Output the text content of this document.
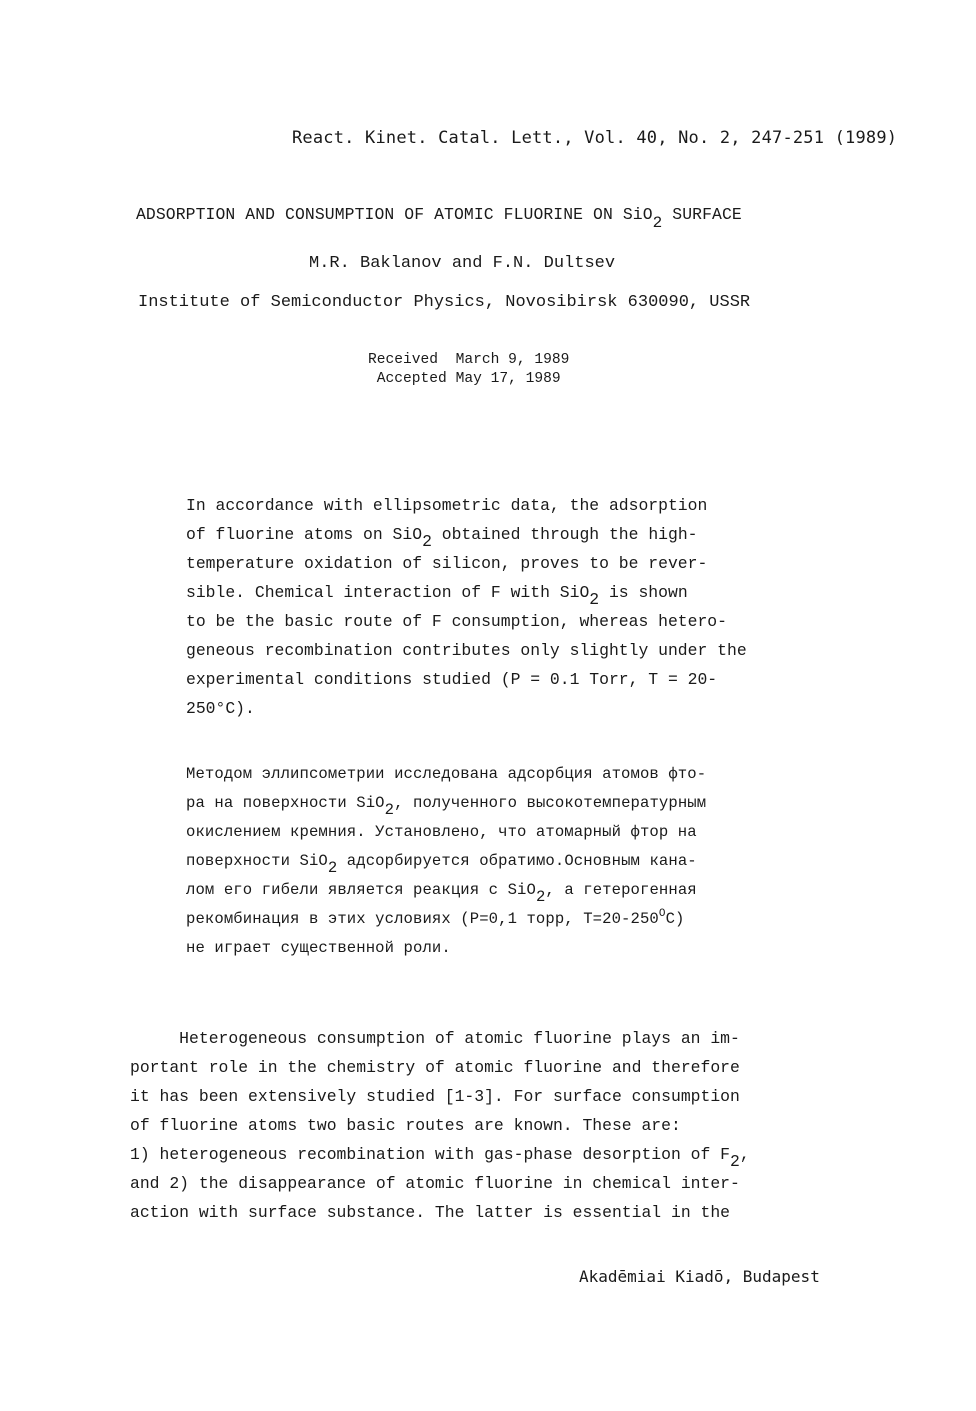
React. Kinet. Catal. Lett., Vol. 40, No. 2, 247-251 (1989)
ADSORPTION AND CONSUMPTION OF ATOMIC FLUORINE ON SiO2 SURFACE
M.R. Baklanov and F.N. Dultsev
Institute of Semiconductor Physics, Novosibirsk 630090, USSR
Received  March 9, 1989
Accepted May 17, 1989
In accordance with ellipsometric data, the adsorption
of fluorine atoms on SiO2 obtained through the high-
temperature oxidation of silicon, proves to be rever-
sible. Chemical interaction of F with SiO2 is shown
to be the basic route of F consumption, whereas hetero-
geneous recombination contributes only slightly under the
experimental conditions studied (P = 0.1 Torr, T = 20-
250°C).
Методом эллипсометрии исследована адсорбция атомов фто-
ра на поверхности SiO2, полученного высокотемпературным
окислением кремния. Установлено, что атомарный фтор на
поверхности SiO2 адсорбируется обратимо.Основным кана-
лом его гибели является реакция с SiO2, а гетерогенная
рекомбинация в этих условиях (P=0,1 торр, $T=20-250^OC$)
не играет существенной роли.
Heterogeneous consumption of atomic fluorine plays an im-
portant role in the chemistry of atomic fluorine and therefore
it has been extensively studied [1-3]. For surface consumption
of fluorine atoms two basic routes are known. These are:
1) heterogeneous recombination with gas-phase desorption of F2,
and 2) the disappearance of atomic fluorine in chemical inter-
action with surface substance. The latter is essential in the
Akadēmiai Kiadō, Budapest
